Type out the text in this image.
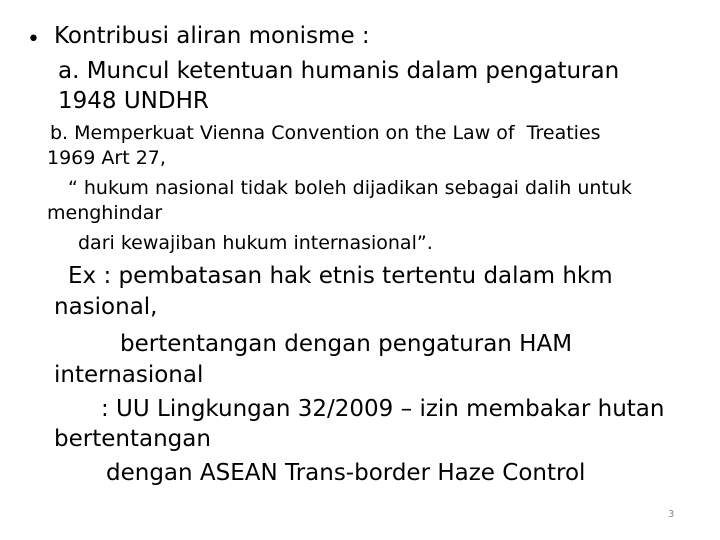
• Kontribusi aliran monisme :

a. Muncul ketentuan humanis dalam pengaturan

1948 UNDHR

b. Memperkuat Vienna Convention on the Law of  Treaties

1969 Art 27,

“ hukum nasional tidak boleh dijadikan sebagai dalih untuk

menghindar

dari kewajiban hukum internasional”.

Ex : pembatasan hak etnis tertentu dalam hkm

nasional,

bertentangan dengan pengaturan HAM

internasional

: UU Lingkungan 32/2009 – izin membakar hutan

bertentangan

dengan ASEAN Trans-border Haze Control

3
